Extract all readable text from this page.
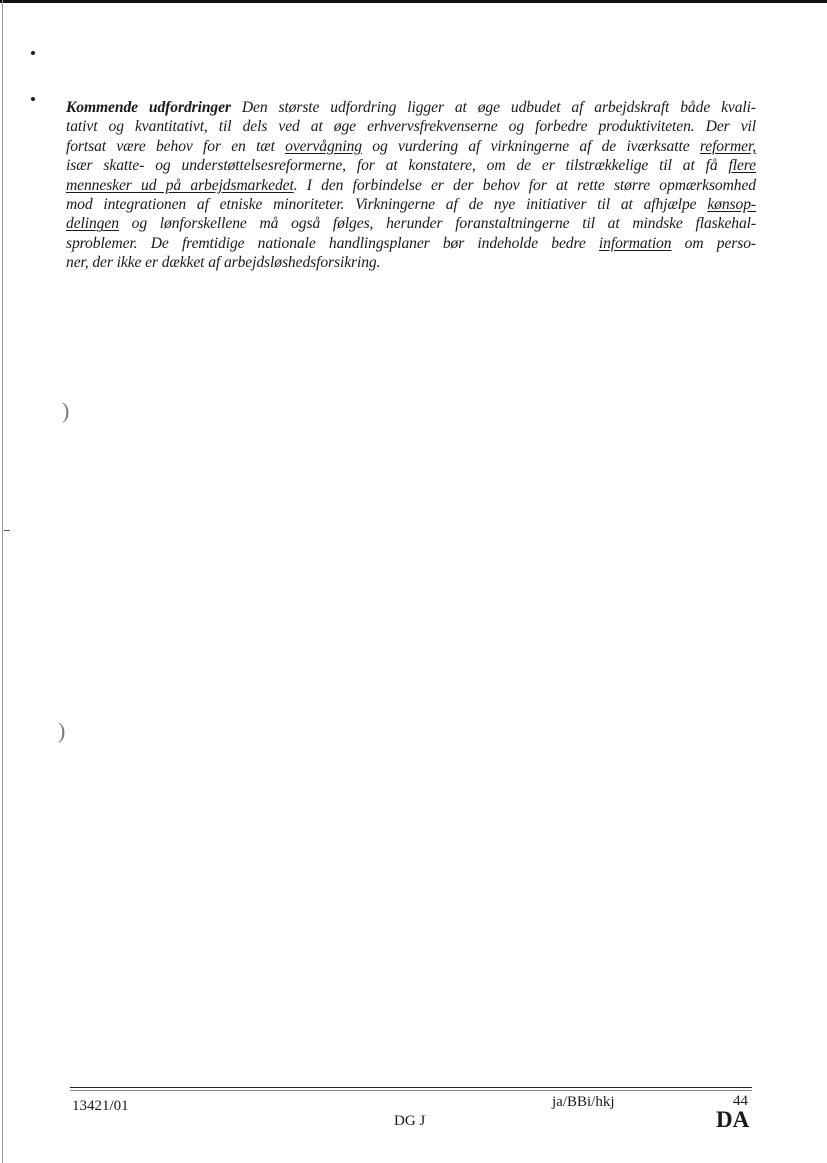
)
)
Kommende udfordringer Den største udfordring ligger at øge udbudet af arbejdskraft både kvali-
tativt og kvantitativt, til dels ved at øge erhvervsfrekvenserne og forbedre produktiviteten. Der vil
fortsat være behov for en tæt overvågning og vurdering af virkningerne af de iværksatte reformer,
især skatte- og understøttelsesreformerne, for at konstatere, om de er tilstrækkelige til at få flere
mennesker ud på arbejdsmarkedet. I den forbindelse er der behov for at rette større opmærksomhed
mod integrationen af etniske minoriteter. Virkningerne af de nye initiativer til at afhjælpe kønsop-
delingen og lønforskellene må også følges, herunder foranstaltningerne til at mindske flaskehal-
sproblemer. De fremtidige nationale handlingsplaner bør indeholde bedre information om perso-
ner, der ikke er dækket af arbejdsløshedsforsikring.
13421/01
DG J
ja/BBi/hkj	44
DA
